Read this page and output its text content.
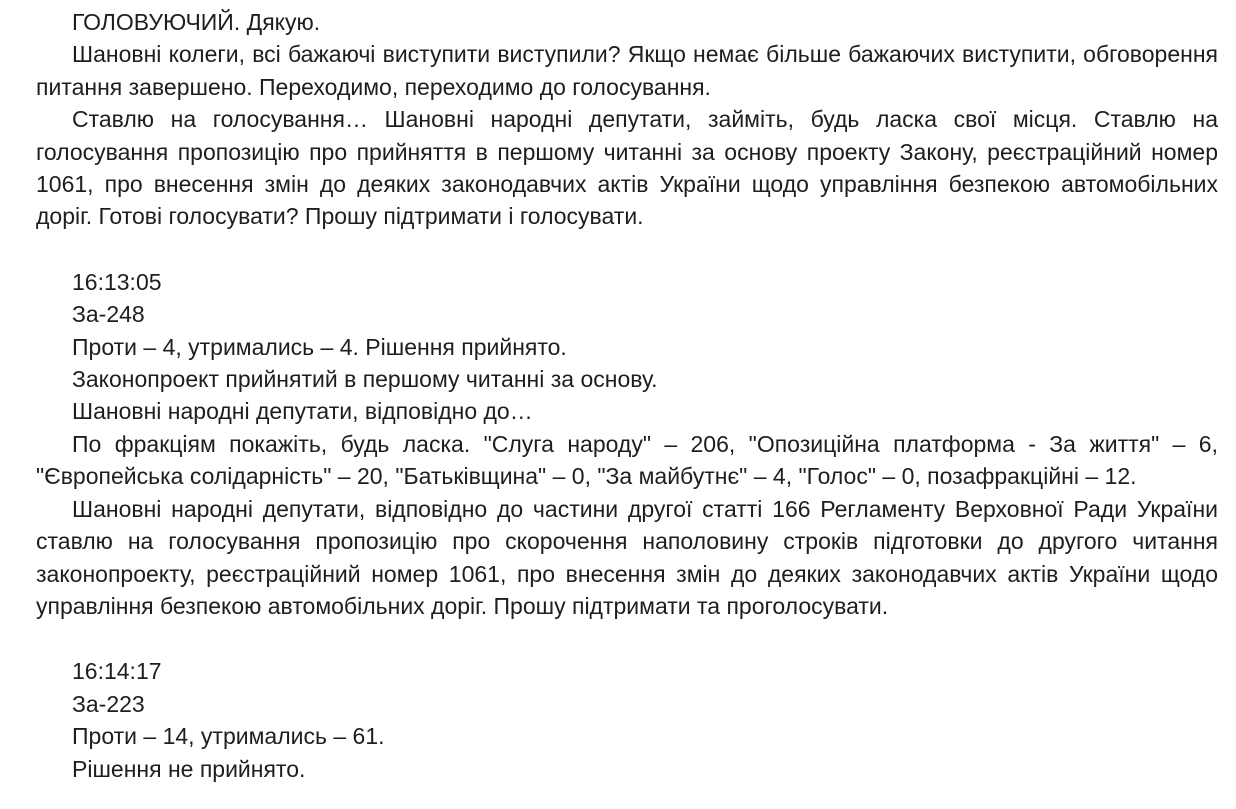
ГОЛОВУЮЧИЙ. Дякую.

Шановні колеги, всі бажаючі виступити виступили? Якщо немає більше бажаючих виступити, обговорення питання завершено. Переходимо, переходимо до голосування.

Ставлю на голосування… Шановні народні депутати, займіть, будь ласка свої місця. Ставлю на голосування пропозицію про прийняття в першому читанні за основу проекту Закону, реєстраційний номер 1061, про внесення змін до деяких законодавчих актів України щодо управління безпекою автомобільних доріг. Готові голосувати? Прошу підтримати і голосувати.

16:13:05

За-248

Проти – 4, утримались – 4. Рішення прийнято.

Законопроект прийнятий в першому читанні за основу.

Шановні народні депутати, відповідно до…

По фракціям покажіть, будь ласка. "Слуга народу" – 206, "Опозиційна платформа - За життя" – 6, "Європейська солідарність" – 20, "Батьківщина" – 0, "За майбутнє" – 4, "Голос" – 0, позафракційні – 12.

Шановні народні депутати, відповідно до частини другої статті 166 Регламенту Верховної Ради України ставлю на голосування пропозицію про скорочення наполовину строків підготовки до другого читання законопроекту, реєстраційний номер 1061, про внесення змін до деяких законодавчих актів України щодо управління безпекою автомобільних доріг. Прошу підтримати та проголосувати.

16:14:17

За-223

Проти – 14, утримались – 61.

Рішення не прийнято.
